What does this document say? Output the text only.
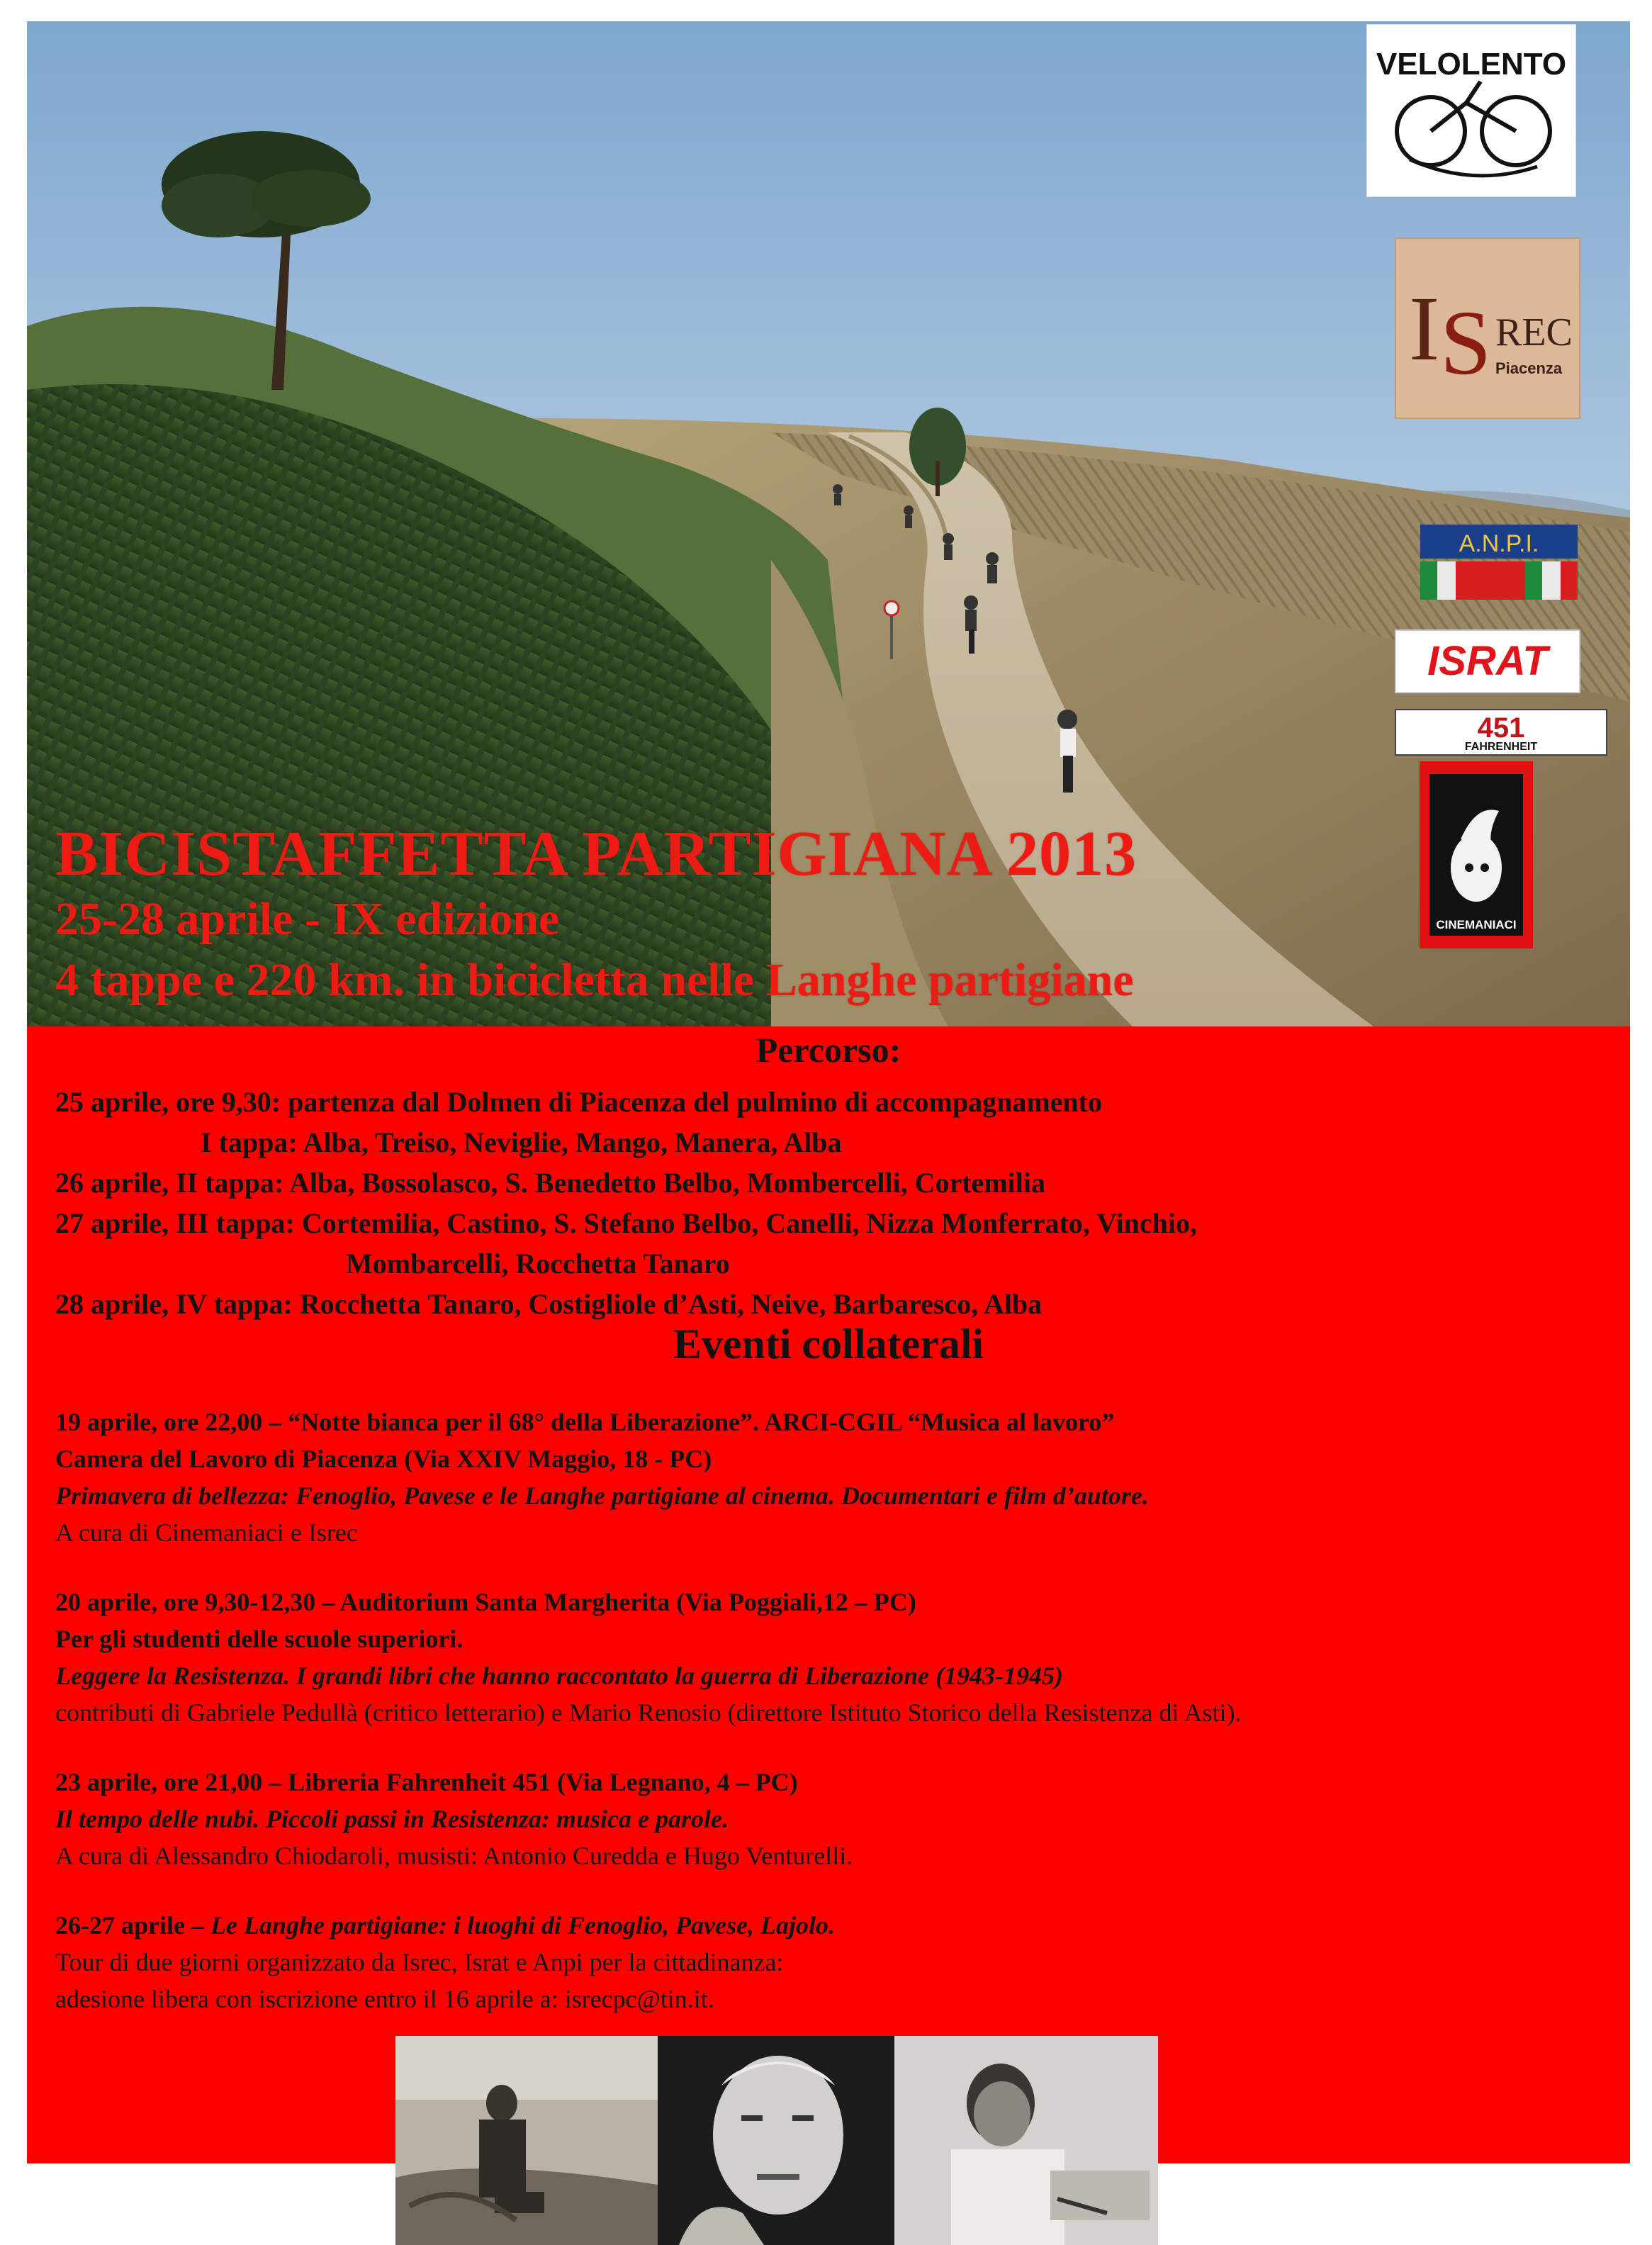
BICISTAFFETTA PARTIGIANA 2013
25-28 aprile - IX edizione
4 tappe e 220 km. in bicicletta nelle Langhe partigiane
Percorso:
25 aprile, ore 9,30: partenza dal Dolmen di Piacenza del pulmino di accompagnamento
I tappa: Alba, Treiso, Neviglie, Mango, Manera, Alba
26 aprile, II tappa: Alba, Bossolasco, S. Benedetto Belbo, Mombercelli, Cortemilia
27 aprile, III tappa: Cortemilia, Castino, S. Stefano Belbo, Canelli, Nizza Monferrato, Vinchio,
Mombarcelli, Rocchetta Tanaro
28 aprile, IV tappa: Rocchetta Tanaro, Costigliole d’Asti, Neive, Barbaresco, Alba
Eventi collaterali
19 aprile, ore 22,00 – “Notte bianca per il 68° della Liberazione”. ARCI-CGIL “Musica al lavoro”
Camera del Lavoro di Piacenza (Via XXIV Maggio, 18 - PC)
Primavera di bellezza: Fenoglio, Pavese e le Langhe partigiane al cinema. Documentari e film d’autore.
A cura di Cinemaniaci e Isrec
20 aprile, ore 9,30-12,30 – Auditorium Santa Margherita (Via Poggiali,12 – PC)
Per gli studenti delle scuole superiori.
Leggere la Resistenza. I grandi libri che hanno raccontato la guerra di Liberazione (1943-1945)
contributi di Gabriele Pedullà (critico letterario) e Mario Renosio (direttore Istituto Storico della Resistenza di Asti).
23 aprile, ore 21,00 – Libreria Fahrenheit 451 (Via Legnano, 4 – PC)
Il tempo delle nubi. Piccoli passi in Resistenza: musica e parole.
A cura di Alessandro Chiodaroli, musisti: Antonio Curedda e Hugo Venturelli.
26-27 aprile – Le Langhe partigiane: i luoghi di Fenoglio, Pavese, Lajolo.
Tour di due giorni organizzato da Isrec, Israt e Anpi per la cittadinanza:
adesione libera con iscrizione entro il 16 aprile a: isrecpc@tin.it.
VELOLENTO
I S REC
Piacenza
A.N.P.I.
ISRAT
451
FAHRENHEIT
CINEMANIACI
